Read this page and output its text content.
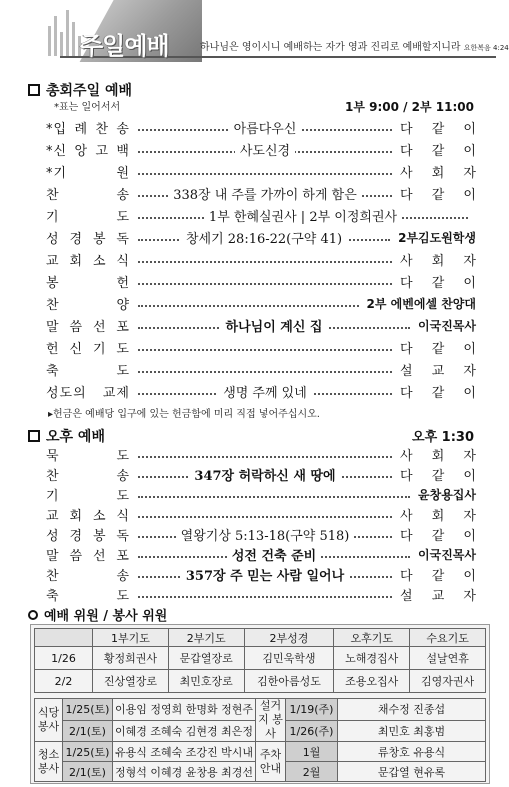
주일예배	하나님은 영이시니 예배하는 자가 영과 진리로 예배할지니라 요한복음 4:24
총회주일 예배
*표는 일어서서	1부 9:00 / 2부 11:00
*입 례 찬 송	아름다우신	다 같 이
*신 앙 고 백	사도신경	다 같 이
*기 원	사 회 자
찬 송	338장 내 주를 가까이 하게 함은	다 같 이
기 도	1부 한혜실권사 | 2부 이정희권사
성 경 봉 독	창세기 28:16-22(구약 41)	2부김도원학생
교 회 소 식	사 회 자
봉 헌	다 같 이
찬 양	2부 에벤에셀 찬양대
말 씀 선 포	하나님이 계신 집	이국진목사
헌 신 기 도	다 같 이
축 도	설 교 자
성도의 교제	생명 주께 있네	다 같 이
▸헌금은 예배당 입구에 있는 헌금함에 미리 직접 넣어주십시오.
오후 예배	오후 1:30
묵 도	사 회 자
찬 송	347장 허락하신 새 땅에	다 같 이
기 도	윤창용집사
교 회 소 식	사 회 자
성 경 봉 독	열왕기상 5:13-18(구약 518)	다 같 이
말 씀 선 포	성전 건축 준비	이국진목사
찬 송	357장 주 믿는 사람 일어나	다 같 이
축 도	설 교 자
예배 위원 / 봉사 위원
	1부기도	2부기도	2부성경	오후기도	수요기도
1/26	황정희권사	문갑열장로	김민욱학생	노해경집사	설날연휴
2/2	진상열장로	최민호장로	김한아름성도	조용오집사	김영자권사
식당 봉사	1/25(토)	이용임 정영희 한명화 정현주	설거지 봉사	1/19(주)	채수정 진종섭
	2/1(토)	이혜경 조혜숙 김현경 최은정		1/26(주)	최민호 최홍범
청소 봉사	1/25(토)	유용식 조혜숙 조강진 박시내	주차 안내	1월	류창호 유용식
	2/1(토)	정형석 이혜경 윤창용 최경선		2월	문갑열 현유록
